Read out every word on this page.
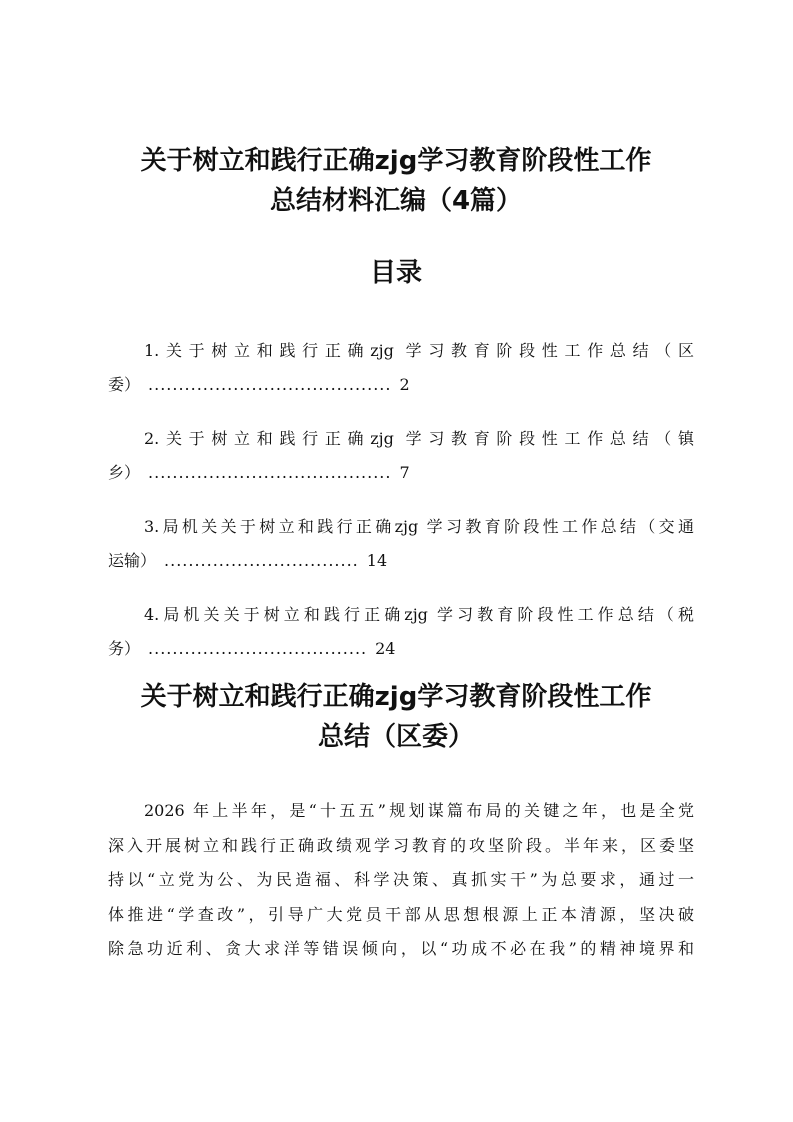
关于树立和践行正确zjg学习教育阶段性工作
总结材料汇编（4篇）
目录
1.关于树立和践行正确zjg 学习教育阶段性工作总结（区
委） ........................................ 2
2.关于树立和践行正确zjg 学习教育阶段性工作总结（镇
乡） ........................................ 7
3.局机关关于树立和践行正确zjg 学习教育阶段性工作总结（交通
运输） ................................ 14
4.局机关关于树立和践行正确zjg 学习教育阶段性工作总结（税
务） .................................... 24
关于树立和践行正确zjg学习教育阶段性工作
总结（区委）

2026 年上半年，是“十五五”规划谋篇布局的关键之年，也是全党
深入开展树立和践行正确政绩观学习教育的攻坚阶段。半年来，区委坚
持以“立党为公、为民造福、科学决策、真抓实干”为总要求，通过一
体推进“学查改”，引导广大党员干部从思想根源上正本清源，坚决破
除急功近利、贪大求洋等错误倾向，以“功成不必在我”的精神境界和
